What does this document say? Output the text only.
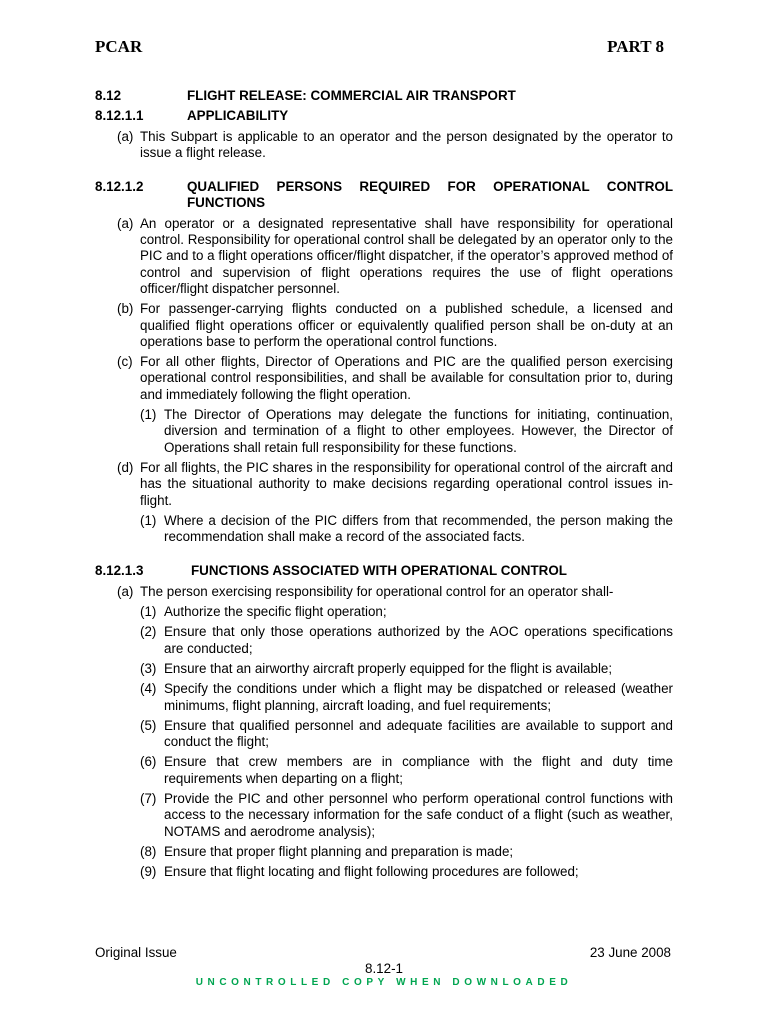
PCAR	PART 8
8.12	FLIGHT RELEASE: COMMERCIAL AIR TRANSPORT
8.12.1.1	APPLICABILITY
(a) This Subpart is applicable to an operator and the person designated by the operator to issue a flight release.
8.12.1.2	QUALIFIED PERSONS REQUIRED FOR OPERATIONAL CONTROL FUNCTIONS
(a) An operator or a designated representative shall have responsibility for operational control. Responsibility for operational control shall be delegated by an operator only to the PIC and to a flight operations officer/flight dispatcher, if the operator’s approved method of control and supervision of flight operations requires the use of flight operations officer/flight dispatcher personnel.
(b) For passenger-carrying flights conducted on a published schedule, a licensed and qualified flight operations officer or equivalently qualified person shall be on-duty at an operations base to perform the operational control functions.
(c) For all other flights, Director of Operations and PIC are the qualified person exercising operational control responsibilities, and shall be available for consultation prior to, during and immediately following the flight operation.
(1) The Director of Operations may delegate the functions for initiating, continuation, diversion and termination of a flight to other employees. However, the Director of Operations shall retain full responsibility for these functions.
(d) For all flights, the PIC shares in the responsibility for operational control of the aircraft and has the situational authority to make decisions regarding operational control issues in-flight.
(1) Where a decision of the PIC differs from that recommended, the person making the recommendation shall make a record of the associated facts.
8.12.1.3	FUNCTIONS ASSOCIATED WITH OPERATIONAL CONTROL
(a) The person exercising responsibility for operational control for an operator shall-
(1) Authorize the specific flight operation;
(2) Ensure that only those operations authorized by the AOC operations specifications are conducted;
(3) Ensure that an airworthy aircraft properly equipped for the flight is available;
(4) Specify the conditions under which a flight may be dispatched or released (weather minimums, flight planning, aircraft loading, and fuel requirements;
(5) Ensure that qualified personnel and adequate facilities are available to support and conduct the flight;
(6) Ensure that crew members are in compliance with the flight and duty time requirements when departing on a flight;
(7) Provide the PIC and other personnel who perform operational control functions with access to the necessary information for the safe conduct of a flight (such as weather, NOTAMS and aerodrome analysis);
(8) Ensure that proper flight planning and preparation is made;
(9) Ensure that flight locating and flight following procedures are followed;
Original Issue	23 June 2008
8.12-1
UNCONTROLLED COPY WHEN DOWNLOADED
